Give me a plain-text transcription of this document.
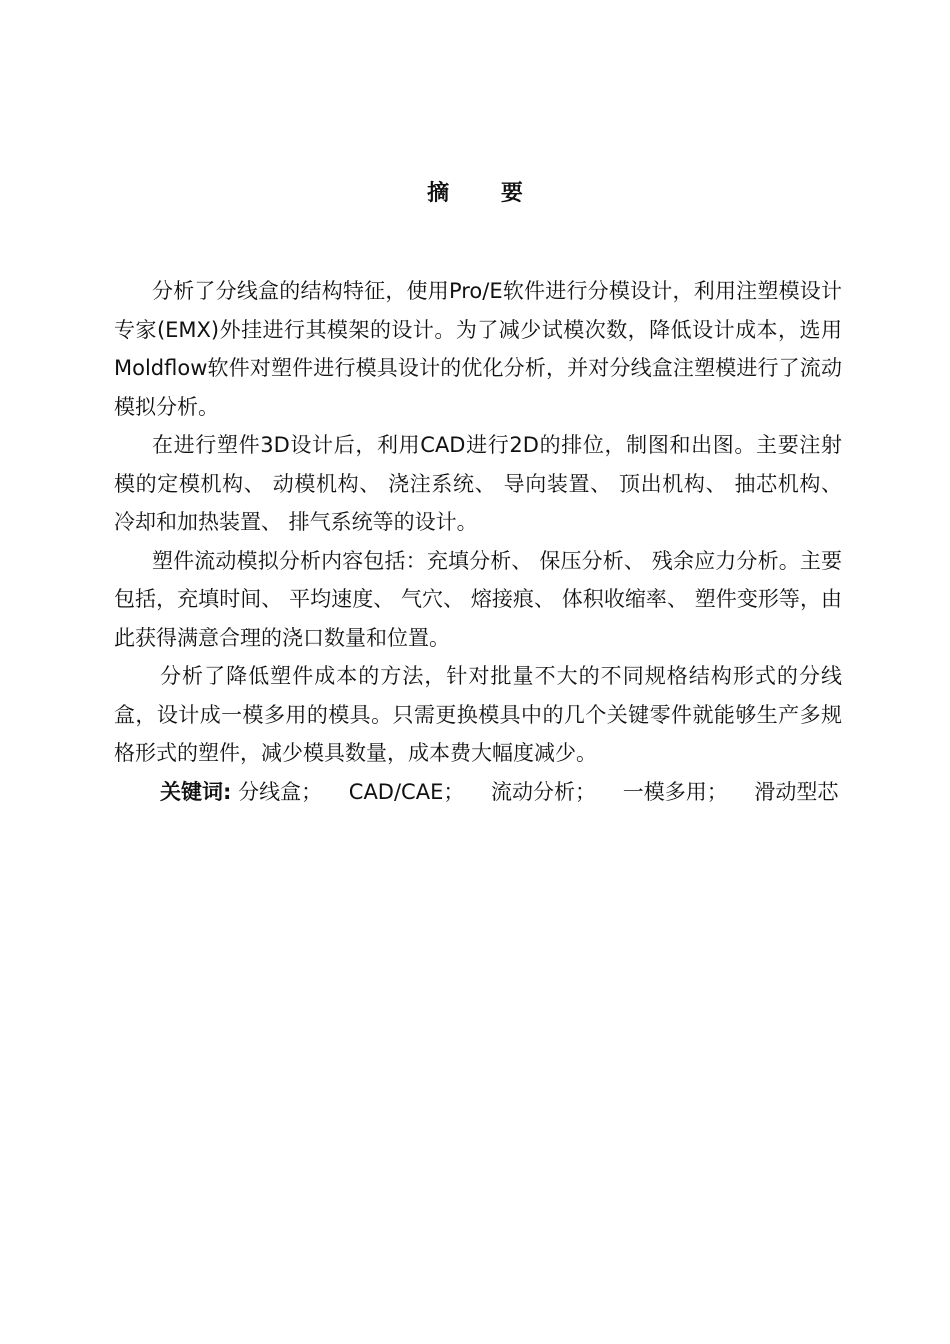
摘 要

分析了分线盒的结构特征，使用Pro/E软件进行分模设计，利用注塑模设计专家(EMX)外挂进行其模架的设计。为了减少试模次数，降低设计成本，选用Moldflow软件对塑件进行模具设计的优化分析，并对分线盒注塑模进行了流动模拟分析。

在进行塑件3D设计后，利用CAD进行2D的排位，制图和出图。主要注射模的定模机构、 动模机构、 浇注系统、 导向装置、 顶出机构、 抽芯机构、 冷却和加热装置、 排气系统等的设计。

塑件流动模拟分析内容包括：充填分析、 保压分析、 残余应力分析。主要包括，充填时间、 平均速度、 气穴、 熔接痕、 体积收缩率、 塑件变形等，由此获得满意合理的浇口数量和位置。

分析了降低塑件成本的方法，针对批量不大的不同规格结构形式的分线盒，设计成一模多用的模具。只需更换模具中的几个关键零件就能够生产多规格形式的塑件，减少模具数量，成本费大幅度减少。

关键词: 分线盒； CAD/CAE； 流动分析； 一模多用； 滑动型芯
